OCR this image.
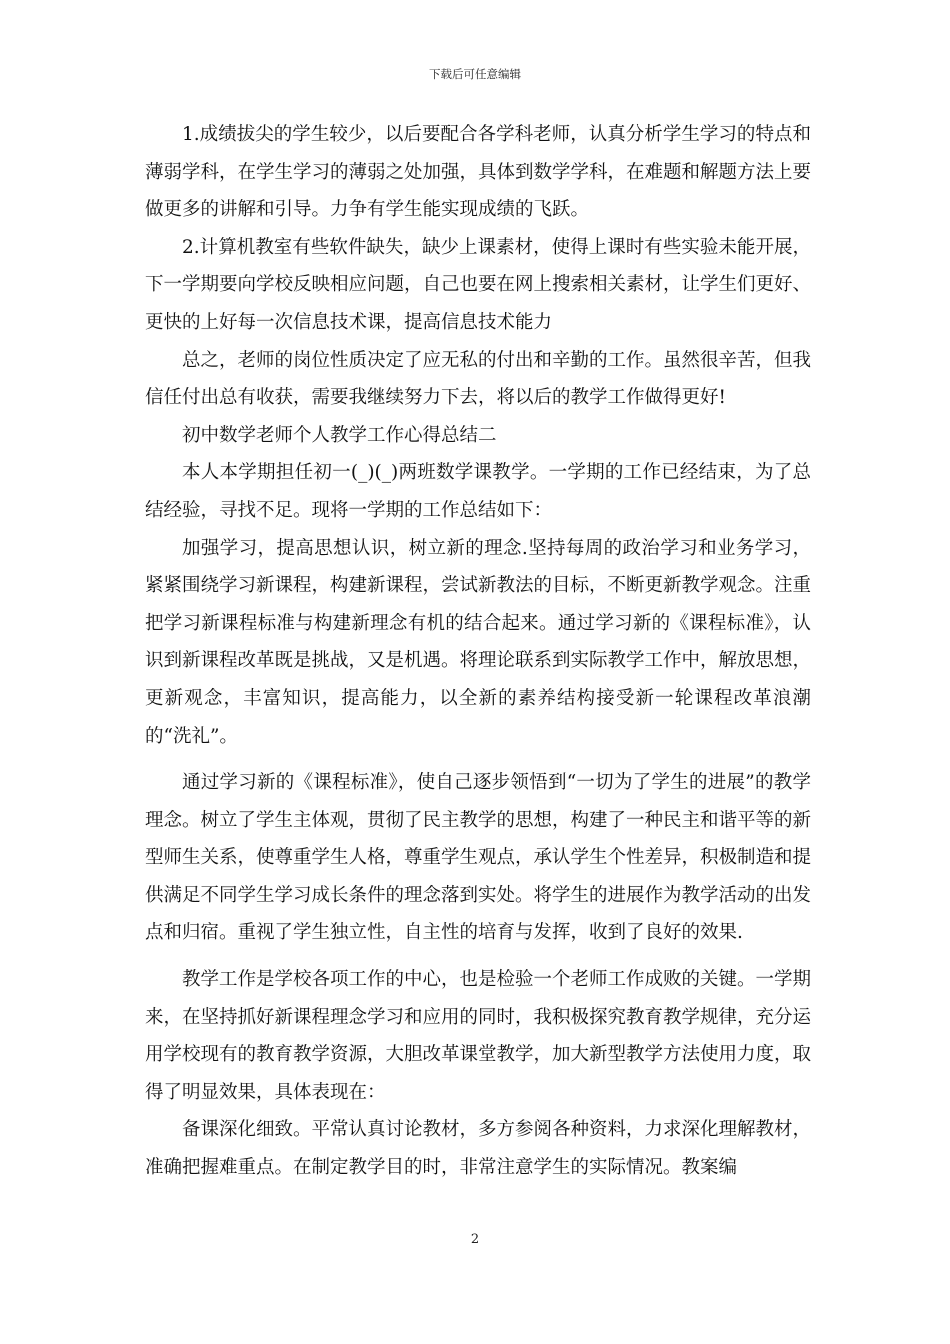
下载后可任意编辑

1.成绩拔尖的学生较少，以后要配合各学科老师，认真分析学生学习的特点和薄弱学科，在学生学习的薄弱之处加强，具体到数学学科，在难题和解题方法上要做更多的讲解和引导。力争有学生能实现成绩的飞跃。

2.计算机教室有些软件缺失，缺少上课素材，使得上课时有些实验未能开展，下一学期要向学校反映相应问题，自己也要在网上搜索相关素材，让学生们更好、更快的上好每一次信息技术课，提高信息技术能力

总之，老师的岗位性质决定了应无私的付出和辛勤的工作。虽然很辛苦，但我信任付出总有收获，需要我继续努力下去，将以后的教学工作做得更好!

初中数学老师个人教学工作心得总结二

本人本学期担任初一(_)(_)两班数学课教学。一学期的工作已经结束，为了总结经验，寻找不足。现将一学期的工作总结如下：

加强学习，提高思想认识，树立新的理念.坚持每周的政治学习和业务学习，紧紧围绕学习新课程，构建新课程，尝试新教法的目标，不断更新教学观念。注重把学习新课程标准与构建新理念有机的结合起来。通过学习新的《课程标准》，认识到新课程改革既是挑战，又是机遇。将理论联系到实际教学工作中，解放思想，更新观念，丰富知识，提高能力，以全新的素养结构接受新一轮课程改革浪潮的“洗礼”。

通过学习新的《课程标准》，使自己逐步领悟到“一切为了学生的进展”的教学理念。树立了学生主体观，贯彻了民主教学的思想，构建了一种民主和谐平等的新型师生关系，使尊重学生人格，尊重学生观点，承认学生个性差异，积极制造和提供满足不同学生学习成长条件的理念落到实处。将学生的进展作为教学活动的出发点和归宿。重视了学生独立性，自主性的培育与发挥，收到了良好的效果.

教学工作是学校各项工作的中心，也是检验一个老师工作成败的关键。一学期来，在坚持抓好新课程理念学习和应用的同时，我积极探究教育教学规律，充分运用学校现有的教育教学资源，大胆改革课堂教学，加大新型教学方法使用力度，取得了明显效果，具体表现在：

备课深化细致。平常认真讨论教材，多方参阅各种资料，力求深化理解教材，准确把握难重点。在制定教学目的时，非常注意学生的实际情况。教案编

2
